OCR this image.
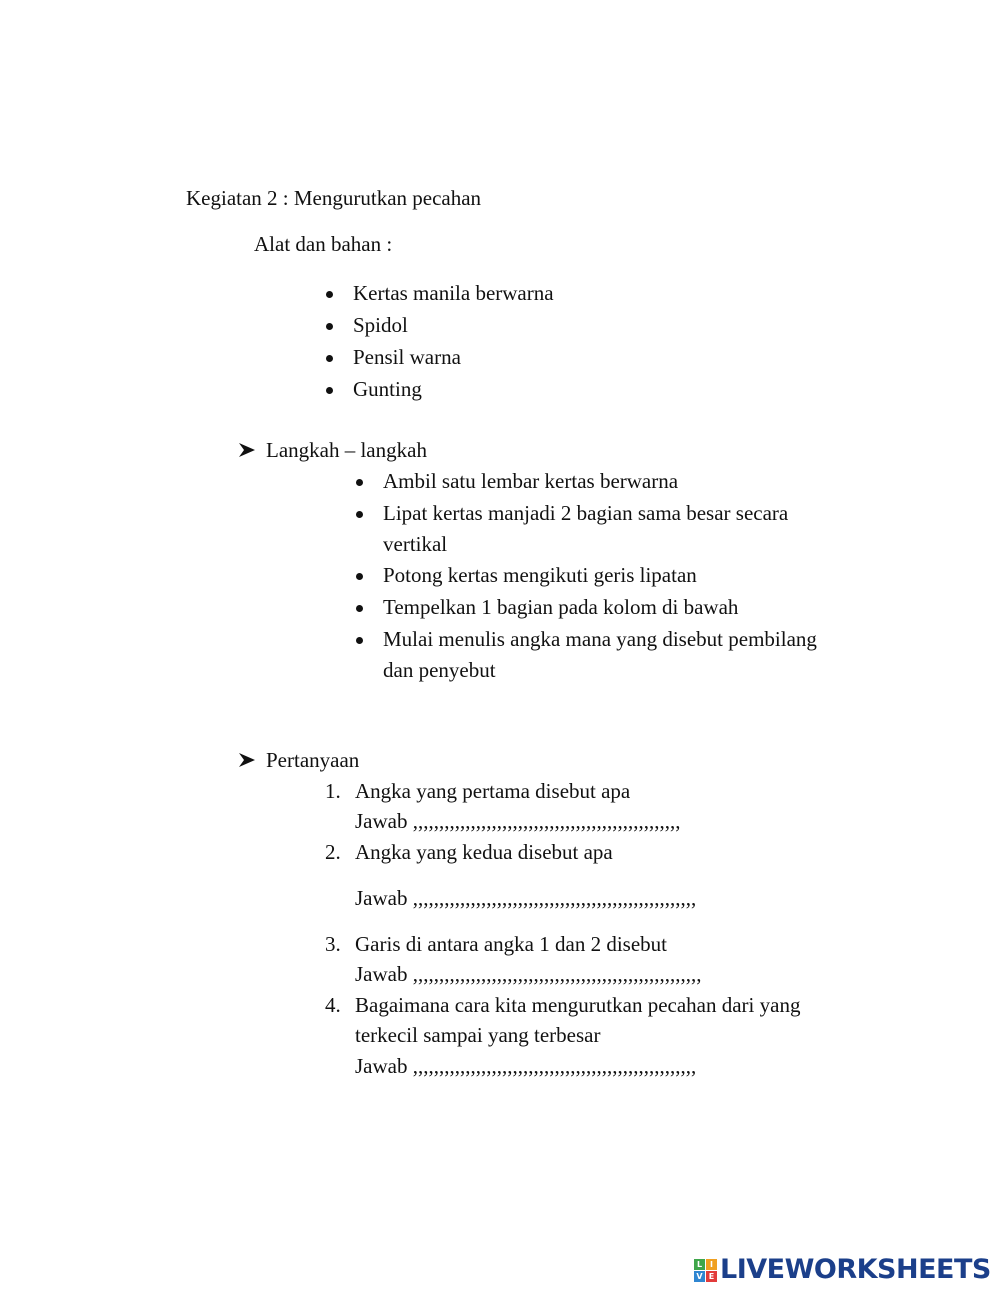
Kegiatan 2 : Mengurutkan pecahan
Alat dan bahan :
Kertas manila berwarna
Spidol
Pensil warna
Gunting
Langkah – langkah
Ambil satu lembar kertas berwarna
Lipat kertas manjadi 2 bagian sama besar secara
vertikal
Potong kertas mengikuti geris lipatan
Tempelkan 1 bagian pada kolom di bawah
Mulai menulis angka mana yang disebut pembilang
dan penyebut
Pertanyaan
1. Angka yang pertama disebut apa
Jawab ,,,,,,,,,,,,,,,,,,,,,,,,,,,,,,,,,,,,,,,,,,,,,,,,,,,
2. Angka yang kedua disebut apa
Jawab ,,,,,,,,,,,,,,,,,,,,,,,,,,,,,,,,,,,,,,,,,,,,,,,,,,,,,,
3. Garis di antara angka 1 dan 2 disebut
Jawab ,,,,,,,,,,,,,,,,,,,,,,,,,,,,,,,,,,,,,,,,,,,,,,,,,,,,,,,
4. Bagaimana cara kita mengurutkan pecahan dari yang
terkecil sampai yang terbesar
Jawab ,,,,,,,,,,,,,,,,,,,,,,,,,,,,,,,,,,,,,,,,,,,,,,,,,,,,,,
L I
V E LIVEWORKSHEETS
